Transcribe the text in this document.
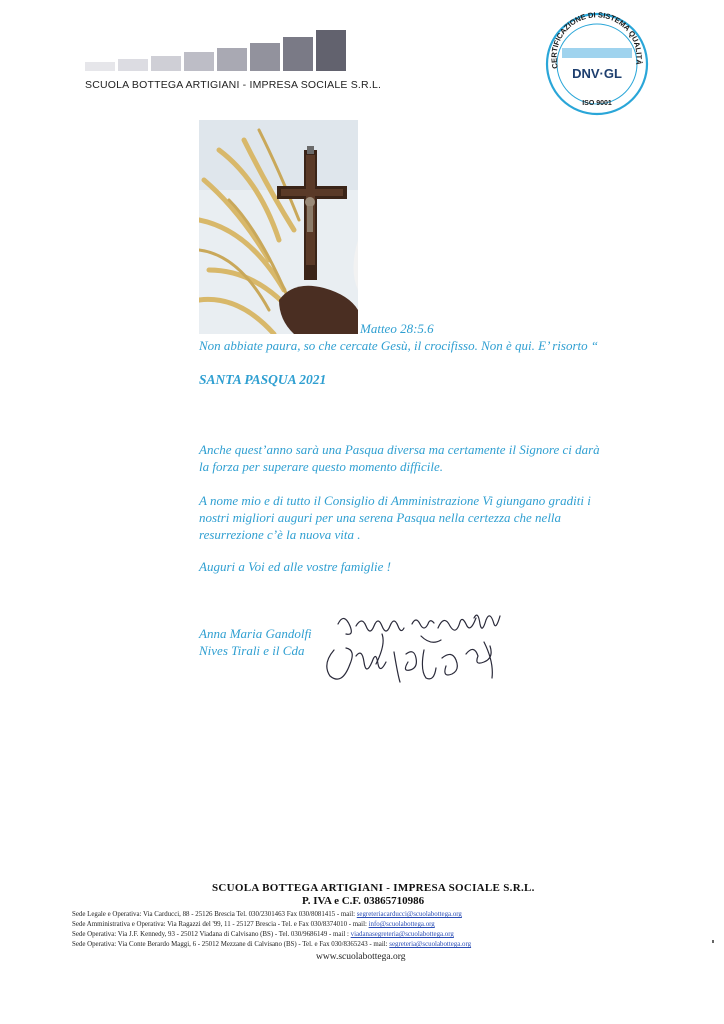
SCUOLA BOTTEGA ARTIGIANI - IMPRESA SOCIALE S.R.L.
CERTIFICAZIONE DI SISTEMA QUALITÀ
DNV·GL
ISO 9001
Matteo 28:5.6
Non abbiate paura, so che cercate Gesù, il crocifisso. Non è qui. E’ risorto “
SANTA PASQUA 2021
Anche quest’anno sarà una Pasqua diversa ma certamente il Signore ci darà
la forza per superare questo momento difficile.
A nome mio e di tutto il Consiglio di Amministrazione Vi giungano graditi i
nostri migliori auguri per una serena Pasqua nella certezza che nella
resurrezione c’è la nuova vita .
Auguri a Voi ed alle vostre famiglie !
Anna Maria Gandolfi
Nives Tirali e il Cda
SCUOLA BOTTEGA ARTIGIANI - IMPRESA SOCIALE S.R.L.
P. IVA e C.F. 03865710986
Sede Legale e Operativa: Via Carducci, 88 - 25126 Brescia Tel. 030/2301463 Fax 030/8081415 - mail: segreteriacarducci@scuolabottega.org
Sede Amministrativa e Operativa: Via Ragazzi del '99, 11 - 25127 Brescia - Tel. e Fax 030/8374010 - mail: info@scuolabottega.org
Sede Operativa: Via J.F. Kennedy, 93 - 25012 Viadana di Calvisano (BS) - Tel. 030/9686149 - mail : viadanasegreteria@scuolabottega.org
Sede Operativa: Via Conte Berardo Maggi, 6 - 25012 Mezzane di Calvisano (BS) - Tel. e Fax 030/8365243 - mail: segreteria@scuolabottega.org
www.scuolabottega.org
